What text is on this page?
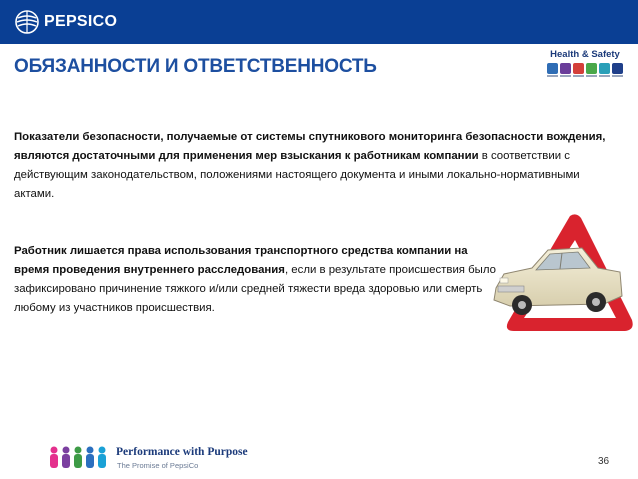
PEPSICO
Health & Safety
ОБЯЗАННОСТИ И ОТВЕТСТВЕННОСТЬ
Показатели безопасности, получаемые от системы спутникового мониторинга безопасности вождения, являются достаточными для применения мер взыскания к работникам компании в соответствии с действующим законодательством, положениями настоящего документа и иными локально-нормативными актами.
Работник лишается права использования транспортного средства компании на время проведения внутреннего расследования, если в результате происшествия было зафиксировано причинение тяжкого и/или средней тяжести вреда здоровью или смерть любому из участников происшествия.
Performance with Purpose
The Promise of PepsiCo	36
